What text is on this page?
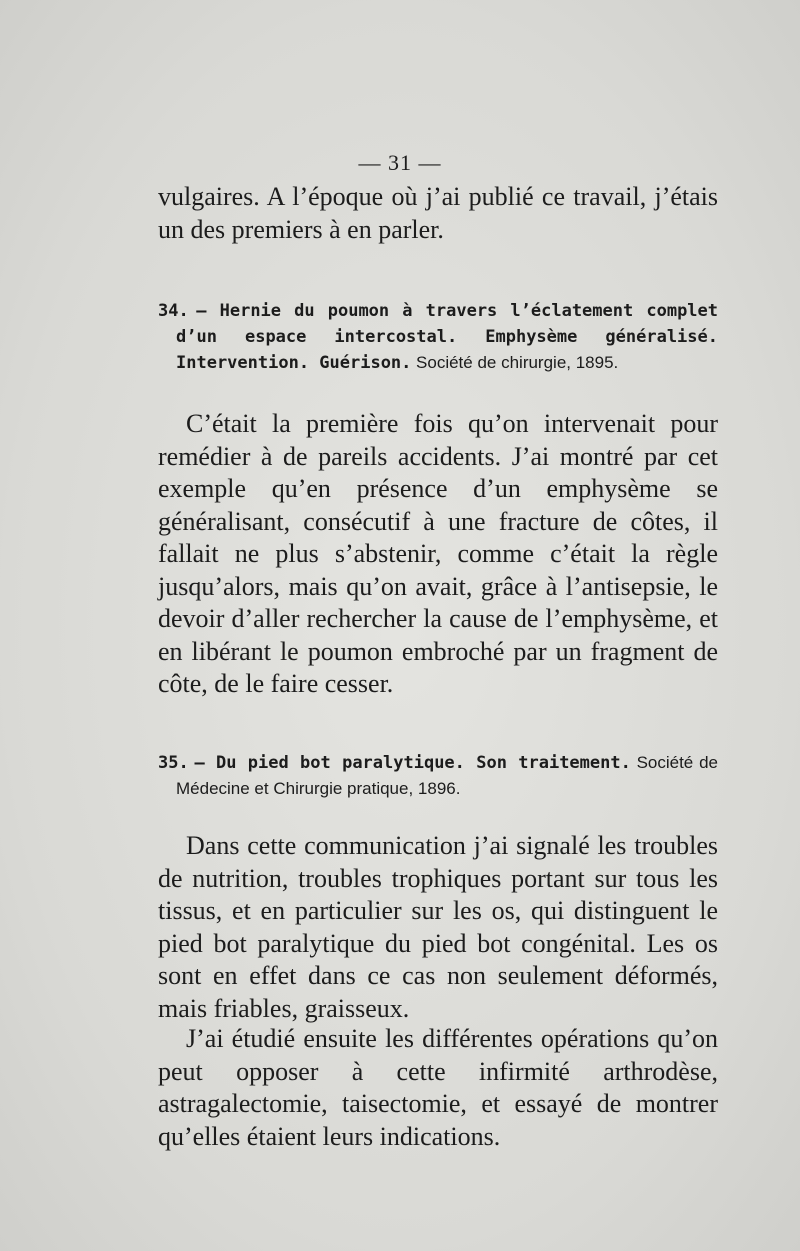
— 31 —

vulgaires. A l’époque où j’ai publié ce travail, j’étais un des premiers à en parler.

34. — Hernie du poumon à travers l’éclatement complet d’un espace intercostal. Emphysème généralisé. Intervention. Guérison. Société de chirurgie, 1895.

C’était la première fois qu’on intervenait pour remédier à de pareils accidents. J’ai montré par cet exemple qu’en présence d’un emphysème se généralisant, consécutif à une fracture de côtes, il fallait ne plus s’abstenir, comme c’était la règle jusqu’alors, mais qu’on avait, grâce à l’antisepsie, le devoir d’aller rechercher la cause de l’emphysème, et en libérant le poumon embroché par un fragment de côte, de le faire cesser.

35. — Du pied bot paralytique. Son traitement. Société de Médecine et Chirurgie pratique, 1896.

Dans cette communication j’ai signalé les troubles de nutrition, troubles trophiques portant sur tous les tissus, et en particulier sur les os, qui distinguent le pied bot paralytique du pied bot congénital. Les os sont en effet dans ce cas non seulement déformés, mais friables, graisseux.

J’ai étudié ensuite les différentes opérations qu’on peut opposer à cette infirmité arthrodèse, astragalectomie, taisectomie, et essayé de montrer qu’elles étaient leurs indications.
